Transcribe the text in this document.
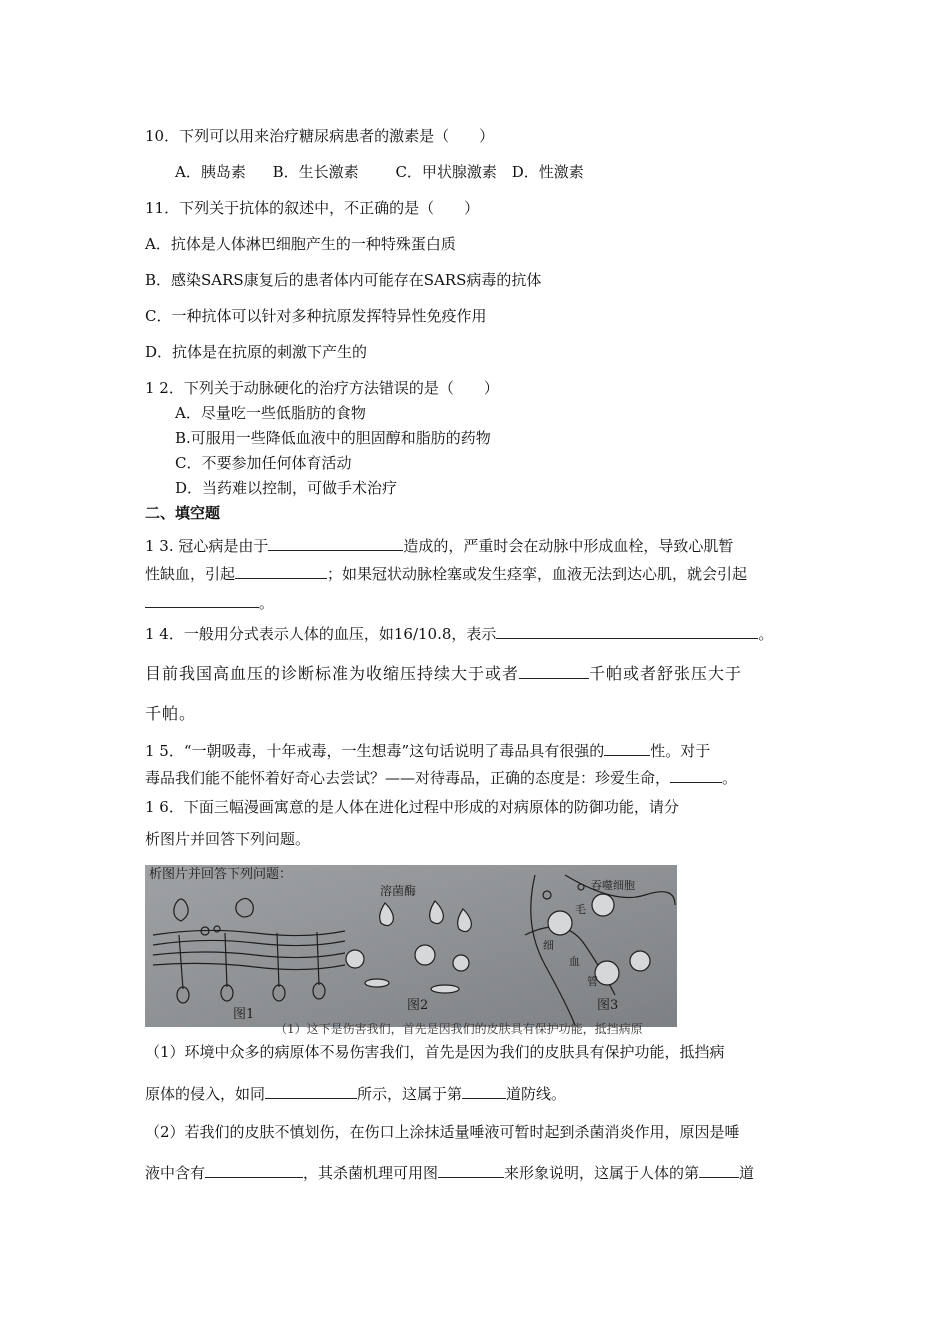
10．下列可以用来治疗糖尿病患者的激素是（　　）
A．胰岛素 B．生长激素 C．甲状腺激素 D．性激素
11．下列关于抗体的叙述中，不正确的是（　　）
A．抗体是人体淋巴细胞产生的一种特殊蛋白质
B．感染SARS康复后的患者体内可能存在SARS病毒的抗体
C．一种抗体可以针对多种抗原发挥特异性免疫作用
D．抗体是在抗原的刺激下产生的
1 2．下列关于动脉硬化的治疗方法错误的是（　　）
A．尽量吃一些低脂肪的食物
B.可服用一些降低血液中的胆固醇和脂肪的药物
C．不要参加任何体育活动
D．当药难以控制，可做手术治疗
二、填空题
1 3. 冠心病是由于	造成的，严重时会在动脉中形成血栓，导致心肌暂
性缺血，引起	；如果冠状动脉栓塞或发生痉挛，血液无法到达心肌，就会引起
。
1 4．一般用分式表示人体的血压，如16/10.8，表示	。
目前我国高血压的诊断标准为收缩压持续大于或者	千帕或者舒张压大于
千帕。
1 5．“一朝吸毒，十年戒毒，一生想毒”这句话说明了毒品具有很强的	性。对于
毒品我们能不能怀着好奇心去尝试？——对待毒品，正确的态度是：珍爱生命，	。
1 6．下面三幅漫画寓意的是人体在进化过程中形成的对病原体的防御功能，请分
析图片并回答下列问题。
析图片并回答下列问题：
溶菌酶	吞噬细胞
毛
细
血
管
图1
图2	图3
（1）这下是伤害我们，首先是因我们的皮肤具有保护功能，抵挡病原
（1）环境中众多的病原体不易伤害我们，首先是因为我们的皮肤具有保护功能，抵挡病
原体的侵入，如同	所示，这属于第	道防线。
（2）若我们的皮肤不慎划伤，在伤口上涂抹适量唾液可暂时起到杀菌消炎作用，原因是唾
液中含有	，其杀菌机理可用图	来形象说明，这属于人体的第	道
